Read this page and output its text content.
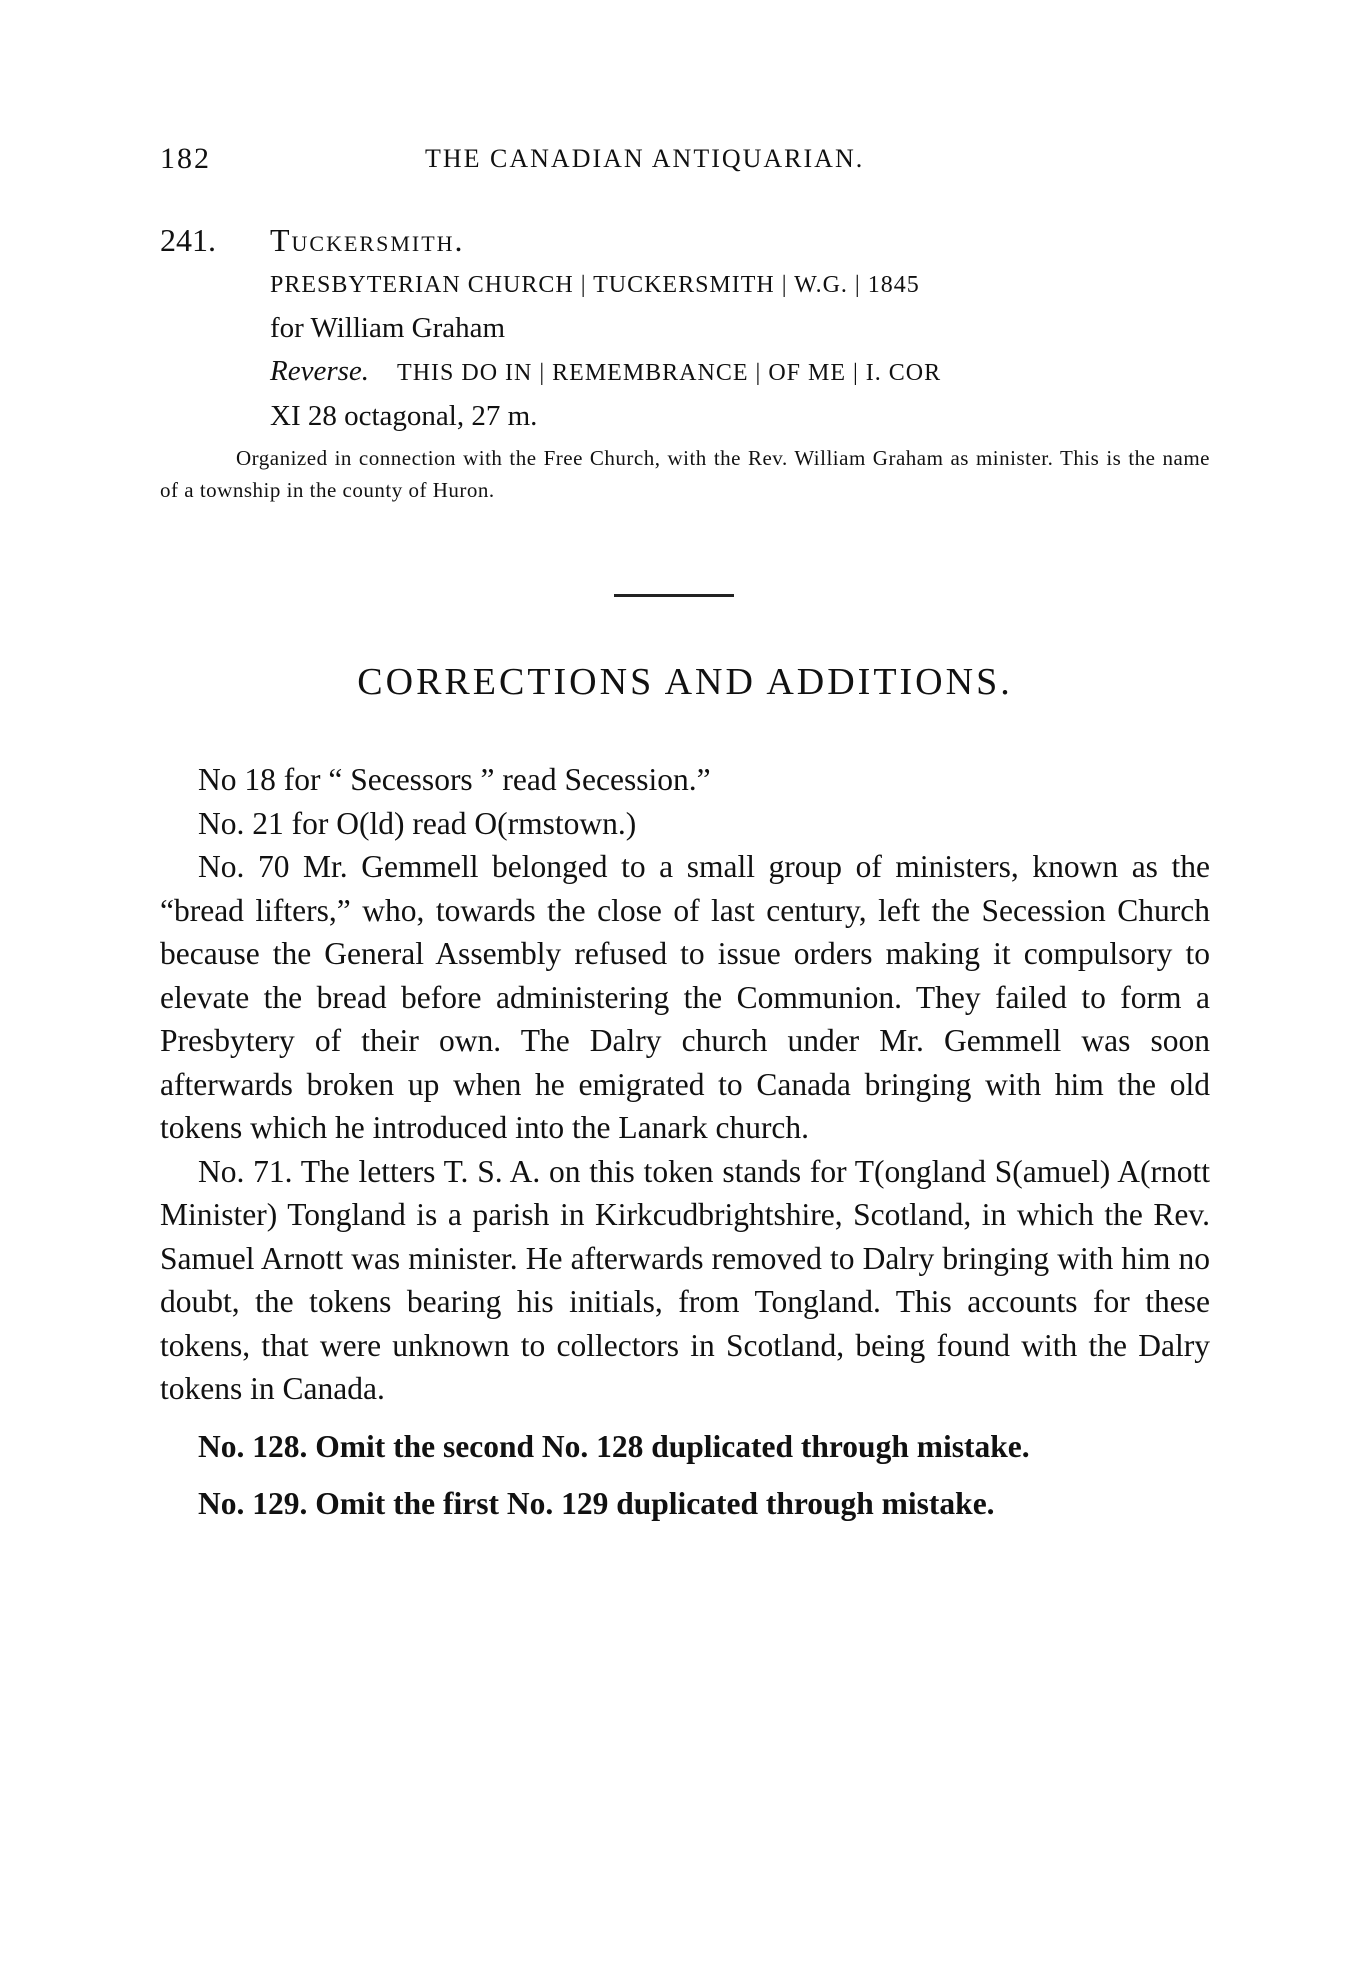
182	THE CANADIAN ANTIQUARIAN.
241. Tuckersmith.
PRESBYTERIAN CHURCH | TUCKERSMITH | W.G. | 1845
for William Graham
Reverse. THIS DO IN | REMEMBRANCE | OF ME | I. COR
XI 28 octagonal, 27 m.
Organized in connection with the Free Church, with the Rev. William Graham as minister. This is the name of a township in the county of Huron.
CORRECTIONS AND ADDITIONS.

No 18 for “ Secessors ” read Secession.”

No. 21 for O(ld) read O(rmstown.)

No. 70 Mr. Gemmell belonged to a small group of ministers, known as the “bread lifters,” who, towards the close of last century, left the Secession Church because the General Assembly refused to issue orders making it compulsory to elevate the bread before administering the Communion. They failed to form a Presbytery of their own. The Dalry church under Mr. Gemmell was soon afterwards broken up when he emigrated to Canada bringing with him the old tokens which he introduced into the Lanark church.

No. 71. The letters T. S. A. on this token stands for T(ongland S(amuel) A(rnott Minister) Tongland is a parish in Kirkcudbrightshire, Scotland, in which the Rev. Samuel Arnott was minister. He afterwards removed to Dalry bringing with him no doubt, the tokens bearing his initials, from Tongland. This accounts for these tokens, that were unknown to collectors in Scotland, being found with the Dalry tokens in Canada.

No. 128. Omit the second No. 128 duplicated through mistake.

No. 129. Omit the first No. 129 duplicated through mistake.
